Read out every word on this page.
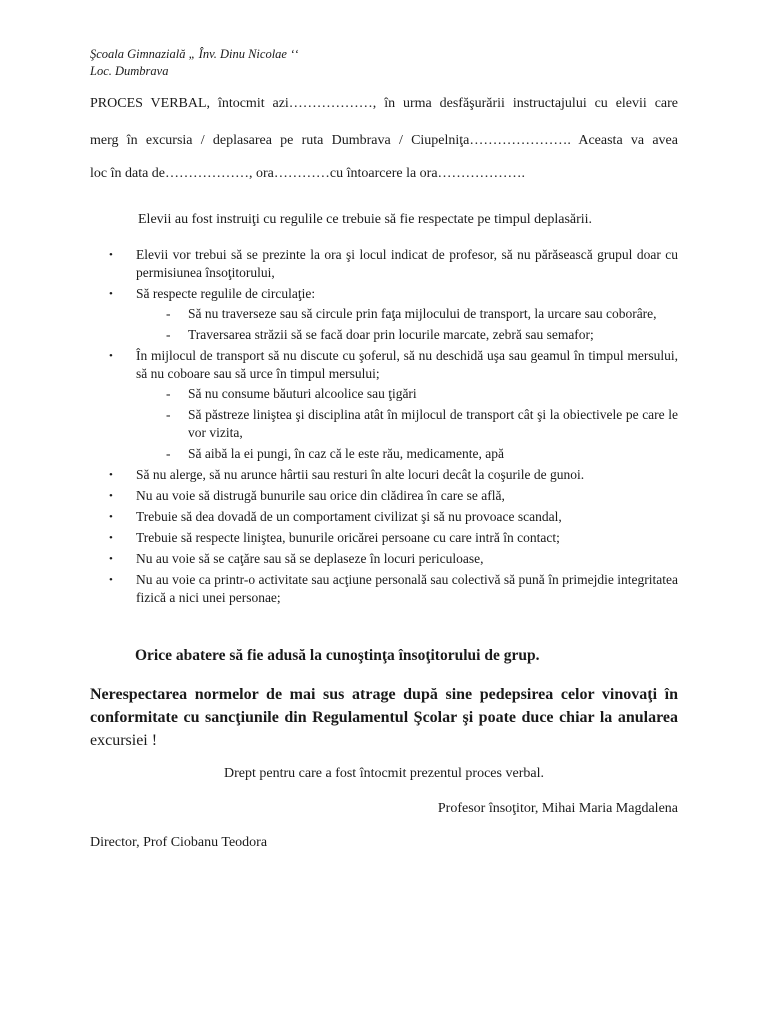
Şcoala Gimnazială „ Înv. Dinu Nicolae ʻʻ
Loc. Dumbrava
PROCES VERBAL, întocmit azi………………, în urma desfăşurării instructajului cu elevii care
merg în excursia / deplasarea pe ruta Dumbrava / Ciupelniţa…………………. Aceasta va avea
loc în data de………………, ora…………cu întoarcere la ora……………….
Elevii au fost instruiţi cu regulile ce trebuie să fie respectate pe timpul deplasării.
• Elevii vor trebui să se prezinte la ora şi locul indicat de profesor, să nu părăsească grupul doar cu permisiunea însoţitorului,
• Să respecte regulile de circulaţie:
- Să nu traverseze sau să circule prin faţa mijlocului de transport, la urcare sau coborâre,
- Traversarea străzii să se facă doar prin locurile marcate, zebră sau semafor;
• În mijlocul de transport să nu discute cu şoferul, să nu deschidă uşa sau geamul în timpul mersului, să nu coboare sau să urce în timpul mersului;
- Să nu consume băuturi alcoolice sau ţigări
- Să păstreze liniştea şi disciplina atât în mijlocul de transport cât şi la obiectivele pe care le vor vizita,
- Să aibă la ei pungi, în caz că le este rău, medicamente, apă
• Să nu alerge, să nu arunce hârtii sau resturi în alte locuri decât la coşurile de gunoi.
• Nu au voie să distrugă bunurile sau orice din clădirea în care se află,
• Trebuie să dea dovadă de un comportament civilizat şi să nu provoace scandal,
• Trebuie să respecte liniştea, bunurile oricărei persoane cu care intră în contact;
• Nu au voie să se caţăre sau să se deplaseze în locuri periculoase,
• Nu au voie ca printr-o activitate sau acţiune personală sau colectivă să pună în primejdie integritatea fizică a nici unei personae;
Orice abatere să fie adusă la cunoştinţa însoţitorului de grup.
Nerespectarea normelor de mai sus atrage după sine pedepsirea celor vinovaţi în conformitate cu sancţiunile din Regulamentul Şcolar şi poate duce chiar la anularea excursiei !
Drept pentru care a fost întocmit prezentul proces verbal.
Profesor însoţitor, Mihai Maria Magdalena
Director, Prof Ciobanu Teodora
